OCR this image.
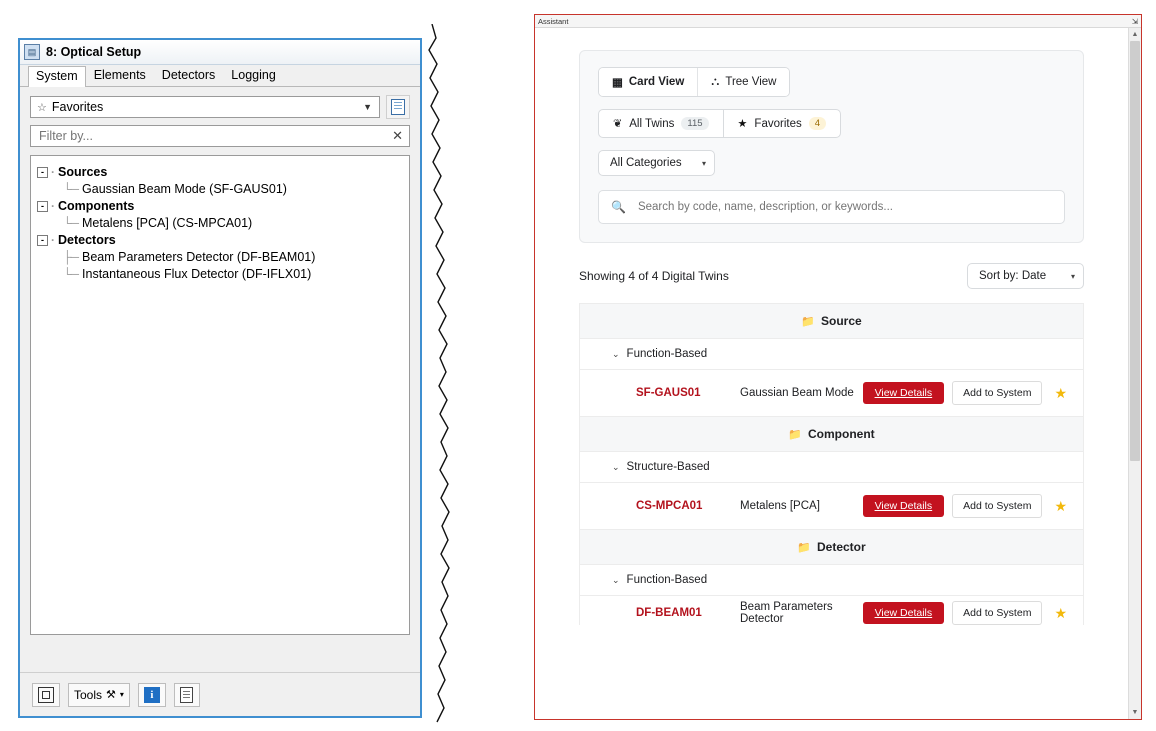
▤ 8: Optical Setup
System	Elements	Detectors	Logging
☆ Favorites	▼
Filter by...
✕
- · Sources
└─ Gaussian Beam Mode (SF-GAUS01)
- · Components
└─ Metalens [PCA] (CS-MPCA01)
- · Detectors
├─ Beam Parameters Detector (DF-BEAM01)
└─ Instantaneous Flux Detector (DF-IFLX01)
Tools ⚒ ▾	i
Assistant	⇲
▦ Card View ⛬ Tree View
❦ All Twins	115	★ Favorites	4
All Categories	▾
🔍
Search by code, name, description, or keywords...
Showing 4 of 4 Digital Twins	Sort by: Date	▾
📁 Source
⌄ Function-Based
SF-GAUS01	Gaussian Beam Mode	View Details	Add to System	★
📁 Component
⌄ Structure-Based
CS-MPCA01	Metalens [PCA]	View Details	Add to System	★
📁 Detector
⌄ Function-Based
DF-BEAM01	Beam Parameters Detector	View Details	Add to System	★
▲
▼
